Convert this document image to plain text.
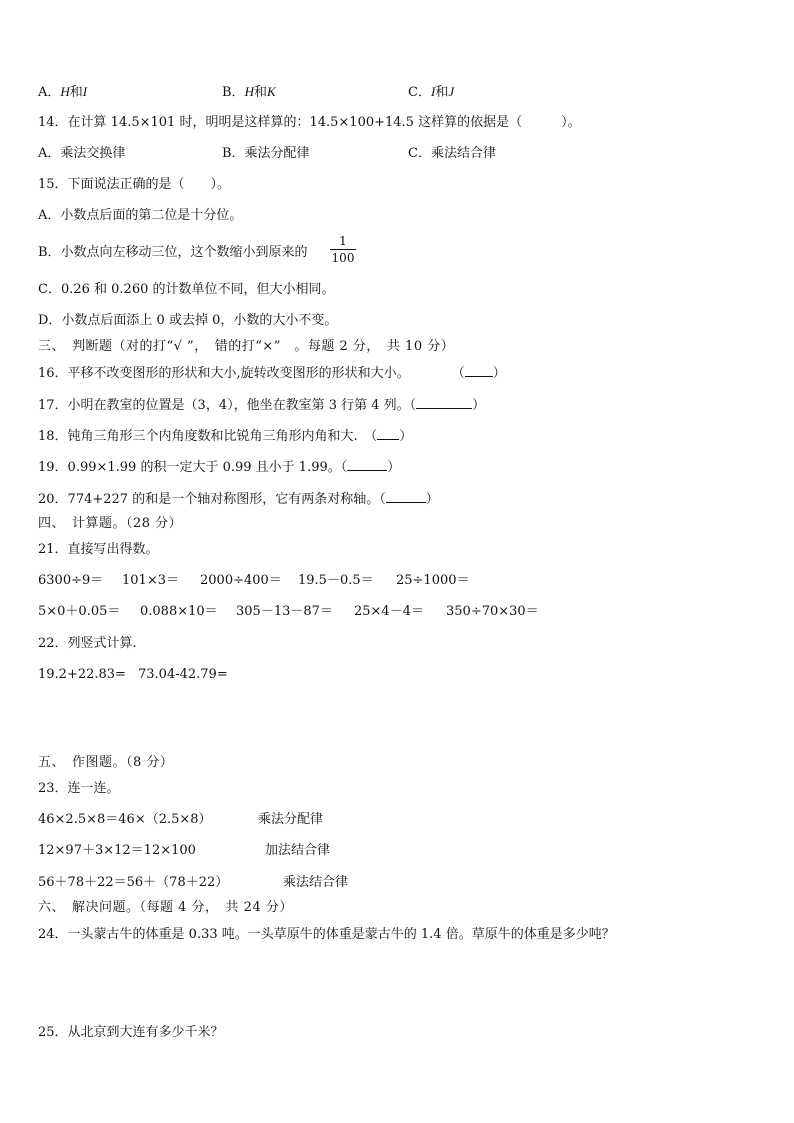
A．H和I	B．H和K	C．I和J
14．在计算 14.5×101 时，明明是这样算的：14.5×100+14.5 这样算的依据是（　　　）。
A．乘法交换律	B．乘法分配律	C．乘法结合律
15．下面说法正确的是（　　）。
A．小数点后面的第二位是十分位。
B．小数点向左移动三位，这个数缩小到原来的 $\frac{1}{100}$
C．0.26 和 0.260 的计数单位不同，但大小相同。
D．小数点后面添上 0 或去掉 0，小数的大小不变。
三、　判断题（对的打“√ ”，　错的打“×”　。每题 2 分，　共 10 分）
16．平移不改变图形的形状和大小,旋转改变图形的形状和大小。	（ ）
17．小明在教室的位置是（3，4），他坐在教室第 3 行第 4 列。（	）
18．钝角三角形三个内角度数和比锐角三角形内角和大.　（ ）
19．0.99×1.99 的积一定大于 0.99 且小于 1.99。（	）
20．774+227 的和是一个轴对称图形，它有两条对称轴。（	）
四、　计算题。（28 分）
21．直接写出得数。
6300÷9＝ 101×3＝ 2000÷400＝ 19.5－0.5＝ 25÷1000＝
5×0＋0.05＝ 0.088×10＝ 305－13－87＝ 25×4－4＝ 350÷70×30＝
22．列竖式计算.
19.2+22.83= 73.04-42.79=
五、　作图题。（8 分）
23．连一连。
46×2.5×8＝46×（2.5×8）	乘法分配律
12×97＋3×12＝12×100	加法结合律
56＋78＋22＝56＋（78＋22）	乘法结合律
六、　解决问题。（每题 4 分，　共 24 分）
24．一头蒙古牛的体重是 0.33 吨。一头草原牛的体重是蒙古牛的 1.4 倍。草原牛的体重是多少吨？
25．从北京到大连有多少千米？
